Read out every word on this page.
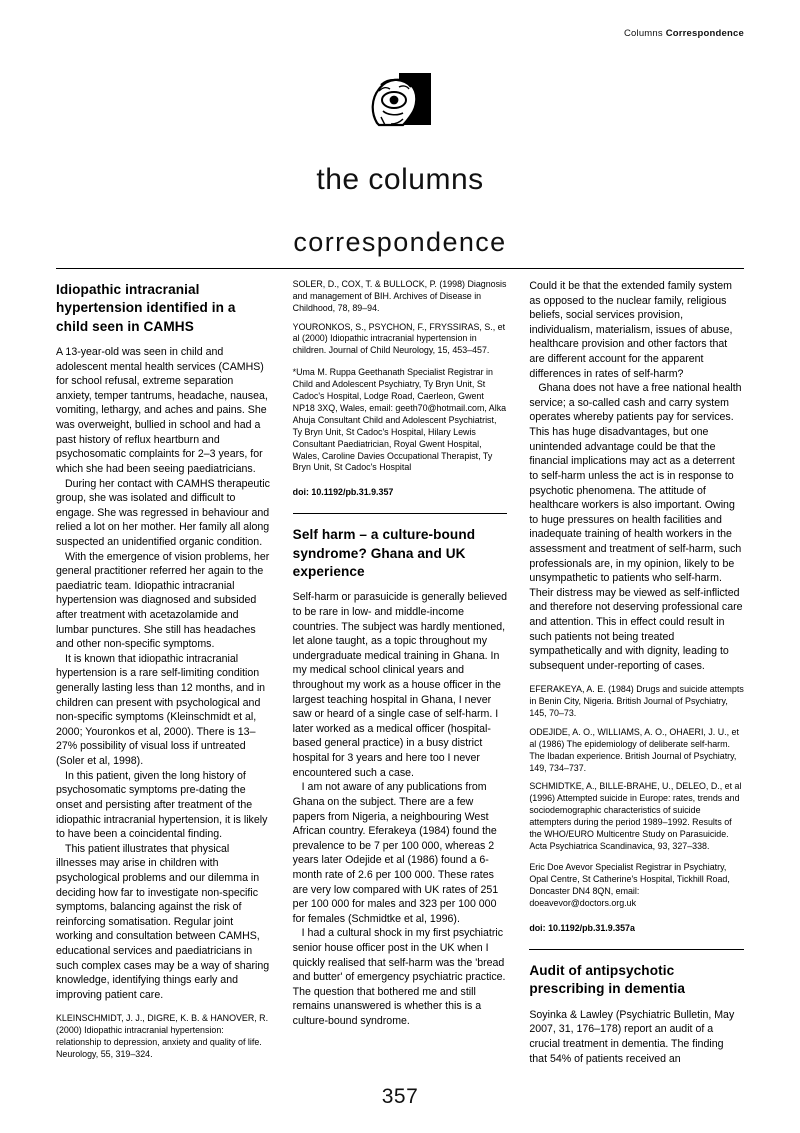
Columns Correspondence
the columns
correspondence
Idiopathic intracranial hypertension identified in a child seen in CAMHS

A 13-year-old was seen in child and adolescent mental health services (CAMHS) for school refusal, extreme separation anxiety, temper tantrums, headache, nausea, vomiting, lethargy, and aches and pains. She was overweight, bullied in school and had a past history of reflux heartburn and psychosomatic complaints for 2–3 years, for which she had been seeing paediatricians.

During her contact with CAMHS therapeutic group, she was isolated and difficult to engage. She was regressed in behaviour and relied a lot on her mother. Her family all along suspected an unidentified organic condition.

With the emergence of vision problems, her general practitioner referred her again to the paediatric team. Idiopathic intracranial hypertension was diagnosed and subsided after treatment with acetazolamide and lumbar punctures. She still has headaches and other non-specific symptoms.

It is known that idiopathic intracranial hypertension is a rare self-limiting condition generally lasting less than 12 months, and in children can present with psychological and non-specific symptoms (Kleinschmidt et al, 2000; Youronkos et al, 2000). There is 13–27% possibility of visual loss if untreated (Soler et al, 1998).

In this patient, given the long history of psychosomatic symptoms pre-dating the onset and persisting after treatment of the idiopathic intracranial hypertension, it is likely to have been a coincidental finding.

This patient illustrates that physical illnesses may arise in children with psychological problems and our dilemma in deciding how far to investigate non-specific symptoms, balancing against the risk of reinforcing somatisation. Regular joint working and consultation between CAMHS, educational services and paediatricians in such complex cases may be a way of sharing knowledge, identifying things early and improving patient care.

KLEINSCHMIDT, J. J., DIGRE, K. B. & HANOVER, R. (2000) Idiopathic intracranial hypertension: relationship to depression, anxiety and quality of life. Neurology, 55, 319–324.

SOLER, D., COX, T. & BULLOCK, P. (1998) Diagnosis and management of BIH. Archives of Disease in Childhood, 78, 89–94.

YOURONKOS, S., PSYCHON, F., FRYSSIRAS, S., et al (2000) Idiopathic intracranial hypertension in children. Journal of Child Neurology, 15, 453–457.

*Uma M. Ruppa Geethanath Specialist Registrar in Child and Adolescent Psychiatry, Ty Bryn Unit, St Cadoc's Hospital, Lodge Road, Caerleon, Gwent NP18 3XQ, Wales, email: geeth70@hotmail.com, Alka Ahuja Consultant Child and Adolescent Psychiatrist, Ty Bryn Unit, St Cadoc's Hospital, Hilary Lewis Consultant Paediatrician, Royal Gwent Hospital, Wales, Caroline Davies Occupational Therapist, Ty Bryn Unit, St Cadoc's Hospital

doi: 10.1192/pb.31.9.357

Self harm – a culture-bound syndrome? Ghana and UK experience

Self-harm or parasuicide is generally believed to be rare in low- and middle-income countries. The subject was hardly mentioned, let alone taught, as a topic throughout my undergraduate medical training in Ghana. In my medical school clinical years and throughout my work as a house officer in the largest teaching hospital in Ghana, I never saw or heard of a single case of self-harm. I later worked as a medical officer (hospital-based general practice) in a busy district hospital for 3 years and here too I never encountered such a case.

I am not aware of any publications from Ghana on the subject. There are a few papers from Nigeria, a neighbouring West African country. Eferakeya (1984) found the prevalence to be 7 per 100 000, whereas 2 years later Odejide et al (1986) found a 6-month rate of 2.6 per 100 000. These rates are very low compared with UK rates of 251 per 100 000 for males and 323 per 100 000 for females (Schmidtke et al, 1996).

I had a cultural shock in my first psychiatric senior house officer post in the UK when I quickly realised that self-harm was the 'bread and butter' of emergency psychiatric practice. The question that bothered me and still remains unanswered is whether this is a culture-bound syndrome.

Could it be that the extended family system as opposed to the nuclear family, religious beliefs, social services provision, individualism, materialism, issues of abuse, healthcare provision and other factors that are different account for the apparent differences in rates of self-harm?

Ghana does not have a free national health service; a so-called cash and carry system operates whereby patients pay for services. This has huge disadvantages, but one unintended advantage could be that the financial implications may act as a deterrent to self-harm unless the act is in response to psychotic phenomena. The attitude of healthcare workers is also important. Owing to huge pressures on health facilities and inadequate training of health workers in the assessment and treatment of self-harm, such professionals are, in my opinion, likely to be unsympathetic to patients who self-harm. Their distress may be viewed as self-inflicted and therefore not deserving professional care and attention. This in effect could result in such patients not being treated sympathetically and with dignity, leading to subsequent under-reporting of cases.

EFERAKEYA, A. E. (1984) Drugs and suicide attempts in Benin City, Nigeria. British Journal of Psychiatry, 145, 70–73.

ODEJIDE, A. O., WILLIAMS, A. O., OHAERI, J. U., et al (1986) The epidemiology of deliberate self-harm. The Ibadan experience. British Journal of Psychiatry, 149, 734–737.

SCHMIDTKE, A., BILLE-BRAHE, U., DELEO, D., et al (1996) Attempted suicide in Europe: rates, trends and sociodemographic characteristics of suicide attempters during the period 1989–1992. Results of the WHO/EURO Multicentre Study on Parasuicide. Acta Psychiatrica Scandinavica, 93, 327–338.

Eric Doe Avevor Specialist Registrar in Psychiatry, Opal Centre, St Catherine's Hospital, Tickhill Road, Doncaster DN4 8QN, email: doeavevor@doctors.org.uk

doi: 10.1192/pb.31.9.357a

Audit of antipsychotic prescribing in dementia

Soyinka & Lawley (Psychiatric Bulletin, May 2007, 31, 176–178) report an audit of a crucial treatment in dementia. The finding that 54% of patients received an

357
